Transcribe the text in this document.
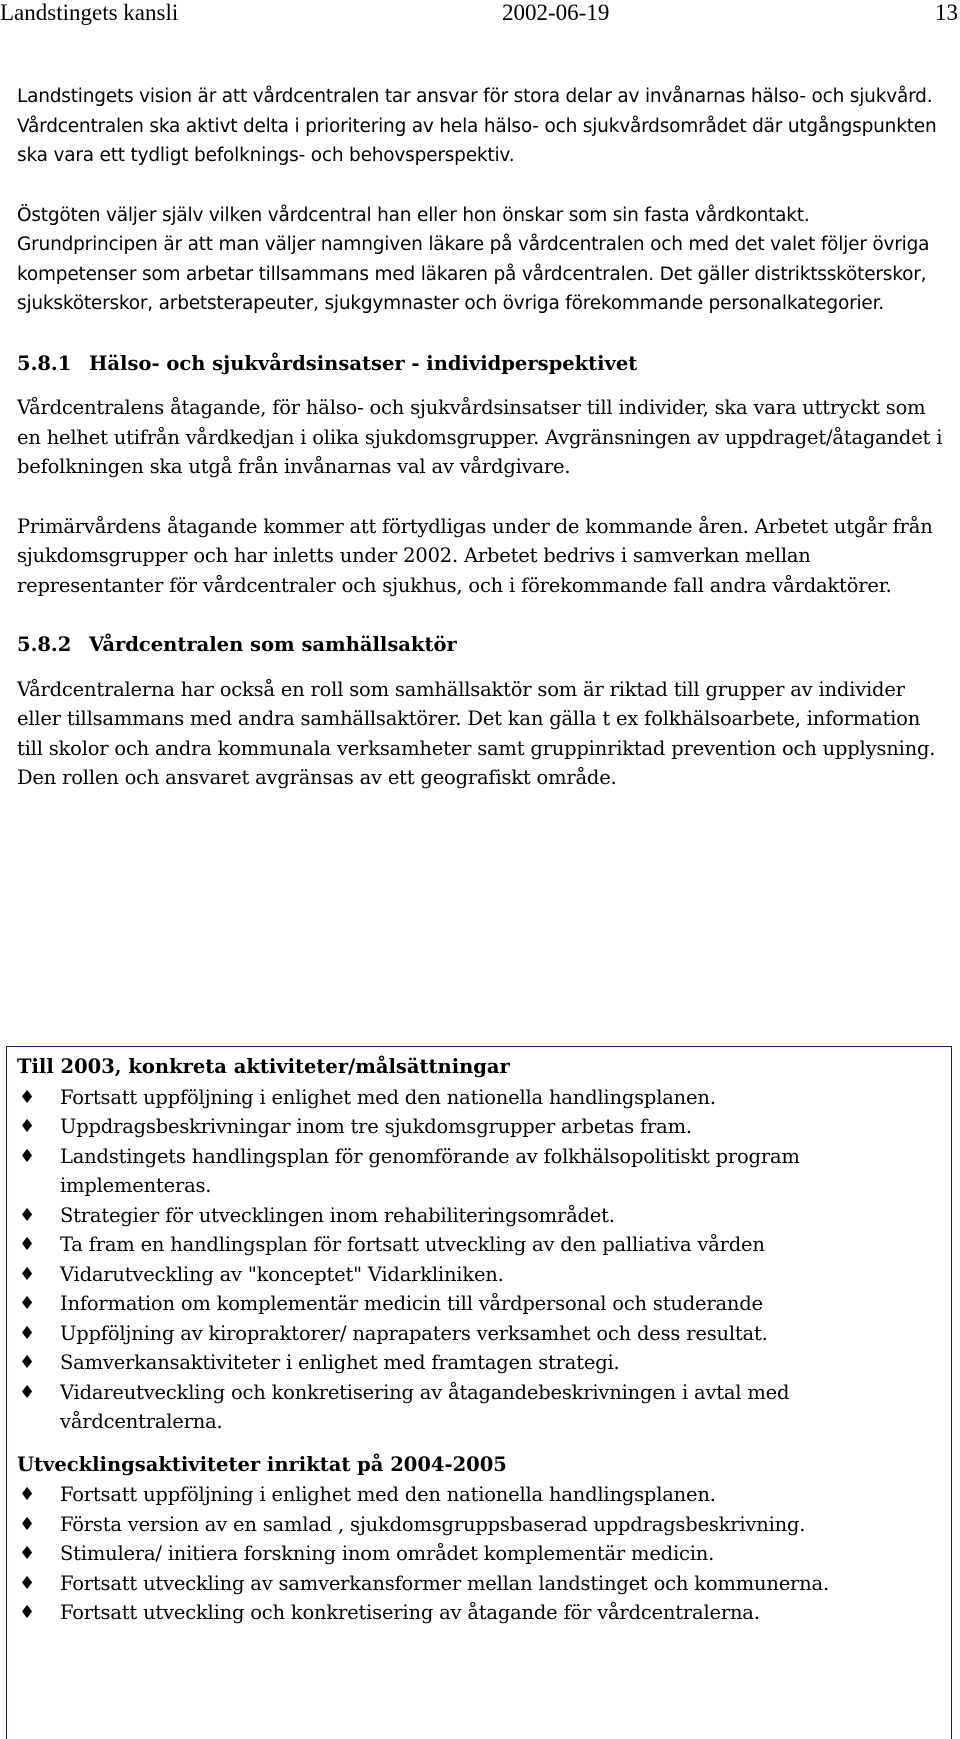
Landstingets kansli	2002-06-19	13

Landstingets vision är att vårdcentralen tar ansvar för stora delar av invånarnas hälso- och sjukvård. Vårdcentralen ska aktivt delta i prioritering av hela hälso- och sjukvårdsområdet där utgångspunkten ska vara ett tydligt befolknings- och behovsperspektiv.

Östgöten väljer själv vilken vårdcentral han eller hon önskar som sin fasta vårdkontakt. Grundprincipen är att man väljer namngiven läkare på vårdcentralen och med det valet följer övriga kompetenser som arbetar tillsammans med läkaren på vårdcentralen. Det gäller distriktssköterskor, sjuksköterskor, arbetsterapeuter, sjukgymnaster och övriga förekommande personalkategorier.

5.8.1 Hälso- och sjukvårdsinsatser - individperspektivet

Vårdcentralens åtagande, för hälso- och sjukvårdsinsatser till individer, ska vara uttryckt som en helhet utifrån vårdkedjan i olika sjukdomsgrupper. Avgränsningen av uppdraget/åtagandet i befolkningen ska utgå från invånarnas val av vårdgivare.

Primärvårdens åtagande kommer att förtydligas under de kommande åren. Arbetet utgår från sjukdomsgrupper och har inletts under 2002. Arbetet bedrivs i samverkan mellan representanter för vårdcentraler och sjukhus, och i förekommande fall andra vårdaktörer.

5.8.2 Vårdcentralen som samhällsaktör

Vårdcentralerna har också en roll som samhällsaktör som är riktad till grupper av individer eller tillsammans med andra samhällsaktörer. Det kan gälla t ex folkhälsoarbete, information till skolor och andra kommunala verksamheter samt gruppinriktad prevention och upplysning. Den rollen och ansvaret avgränsas av ett geografiskt område.

Till 2003, konkreta aktiviteter/målsättningar
♦ Fortsatt uppföljning i enlighet med den nationella handlingsplanen.
♦ Uppdragsbeskrivningar inom tre sjukdomsgrupper arbetas fram.
♦ Landstingets handlingsplan för genomförande av folkhälsopolitiskt program implementeras.
♦ Strategier för utvecklingen inom rehabiliteringsområdet.
♦ Ta fram en handlingsplan för fortsatt utveckling av den palliativa vården
♦ Vidarutveckling av "konceptet" Vidarkliniken.
♦ Information om komplementär medicin till vårdpersonal och studerande
♦ Uppföljning av kiropraktorer/ naprapaters verksamhet och dess resultat.
♦ Samverkansaktiviteter i enlighet med framtagen strategi.
♦ Vidareutveckling och konkretisering av åtagandebeskrivningen i avtal med vårdcentralerna.
Utvecklingsaktiviteter inriktat på 2004-2005
♦ Fortsatt uppföljning i enlighet med den nationella handlingsplanen.
♦ Första version av en samlad , sjukdomsgruppsbaserad uppdragsbeskrivning.
♦ Stimulera/ initiera forskning inom området komplementär medicin.
♦ Fortsatt utveckling av samverkansformer mellan landstinget och kommunerna.
♦ Fortsatt utveckling och konkretisering av åtagande för vårdcentralerna.
